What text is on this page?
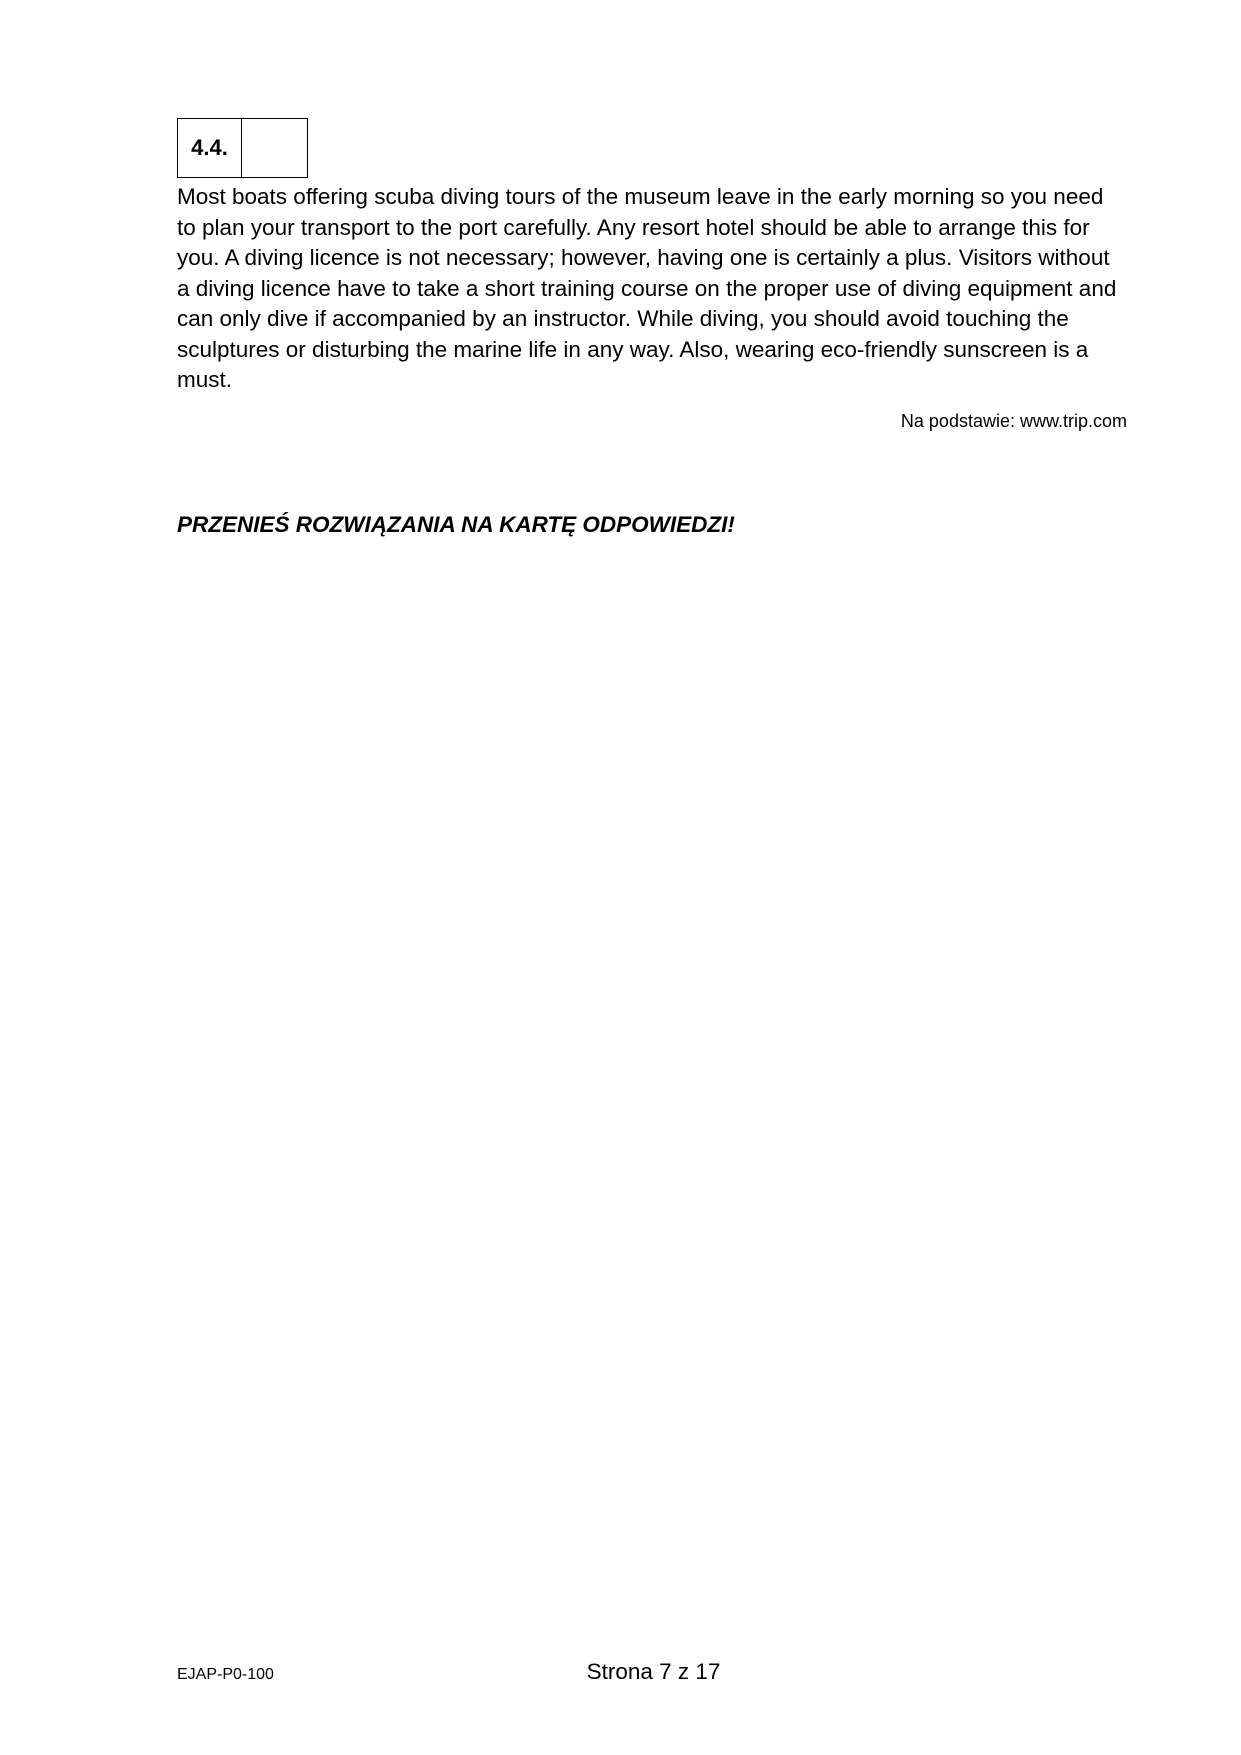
4.4.

Most boats offering scuba diving tours of the museum leave in the early morning so you need to plan your transport to the port carefully. Any resort hotel should be able to arrange this for you. A diving licence is not necessary; however, having one is certainly a plus. Visitors without a diving licence have to take a short training course on the proper use of diving equipment and can only dive if accompanied by an instructor. While diving, you should avoid touching the sculptures or disturbing the marine life in any way. Also, wearing eco-friendly sunscreen is a must.

Na podstawie: www.trip.com
PRZENIEŚ ROZWIĄZANIA NA KARTĘ ODPOWIEDZI!
EJAP-P0-100	Strona 7 z 17
